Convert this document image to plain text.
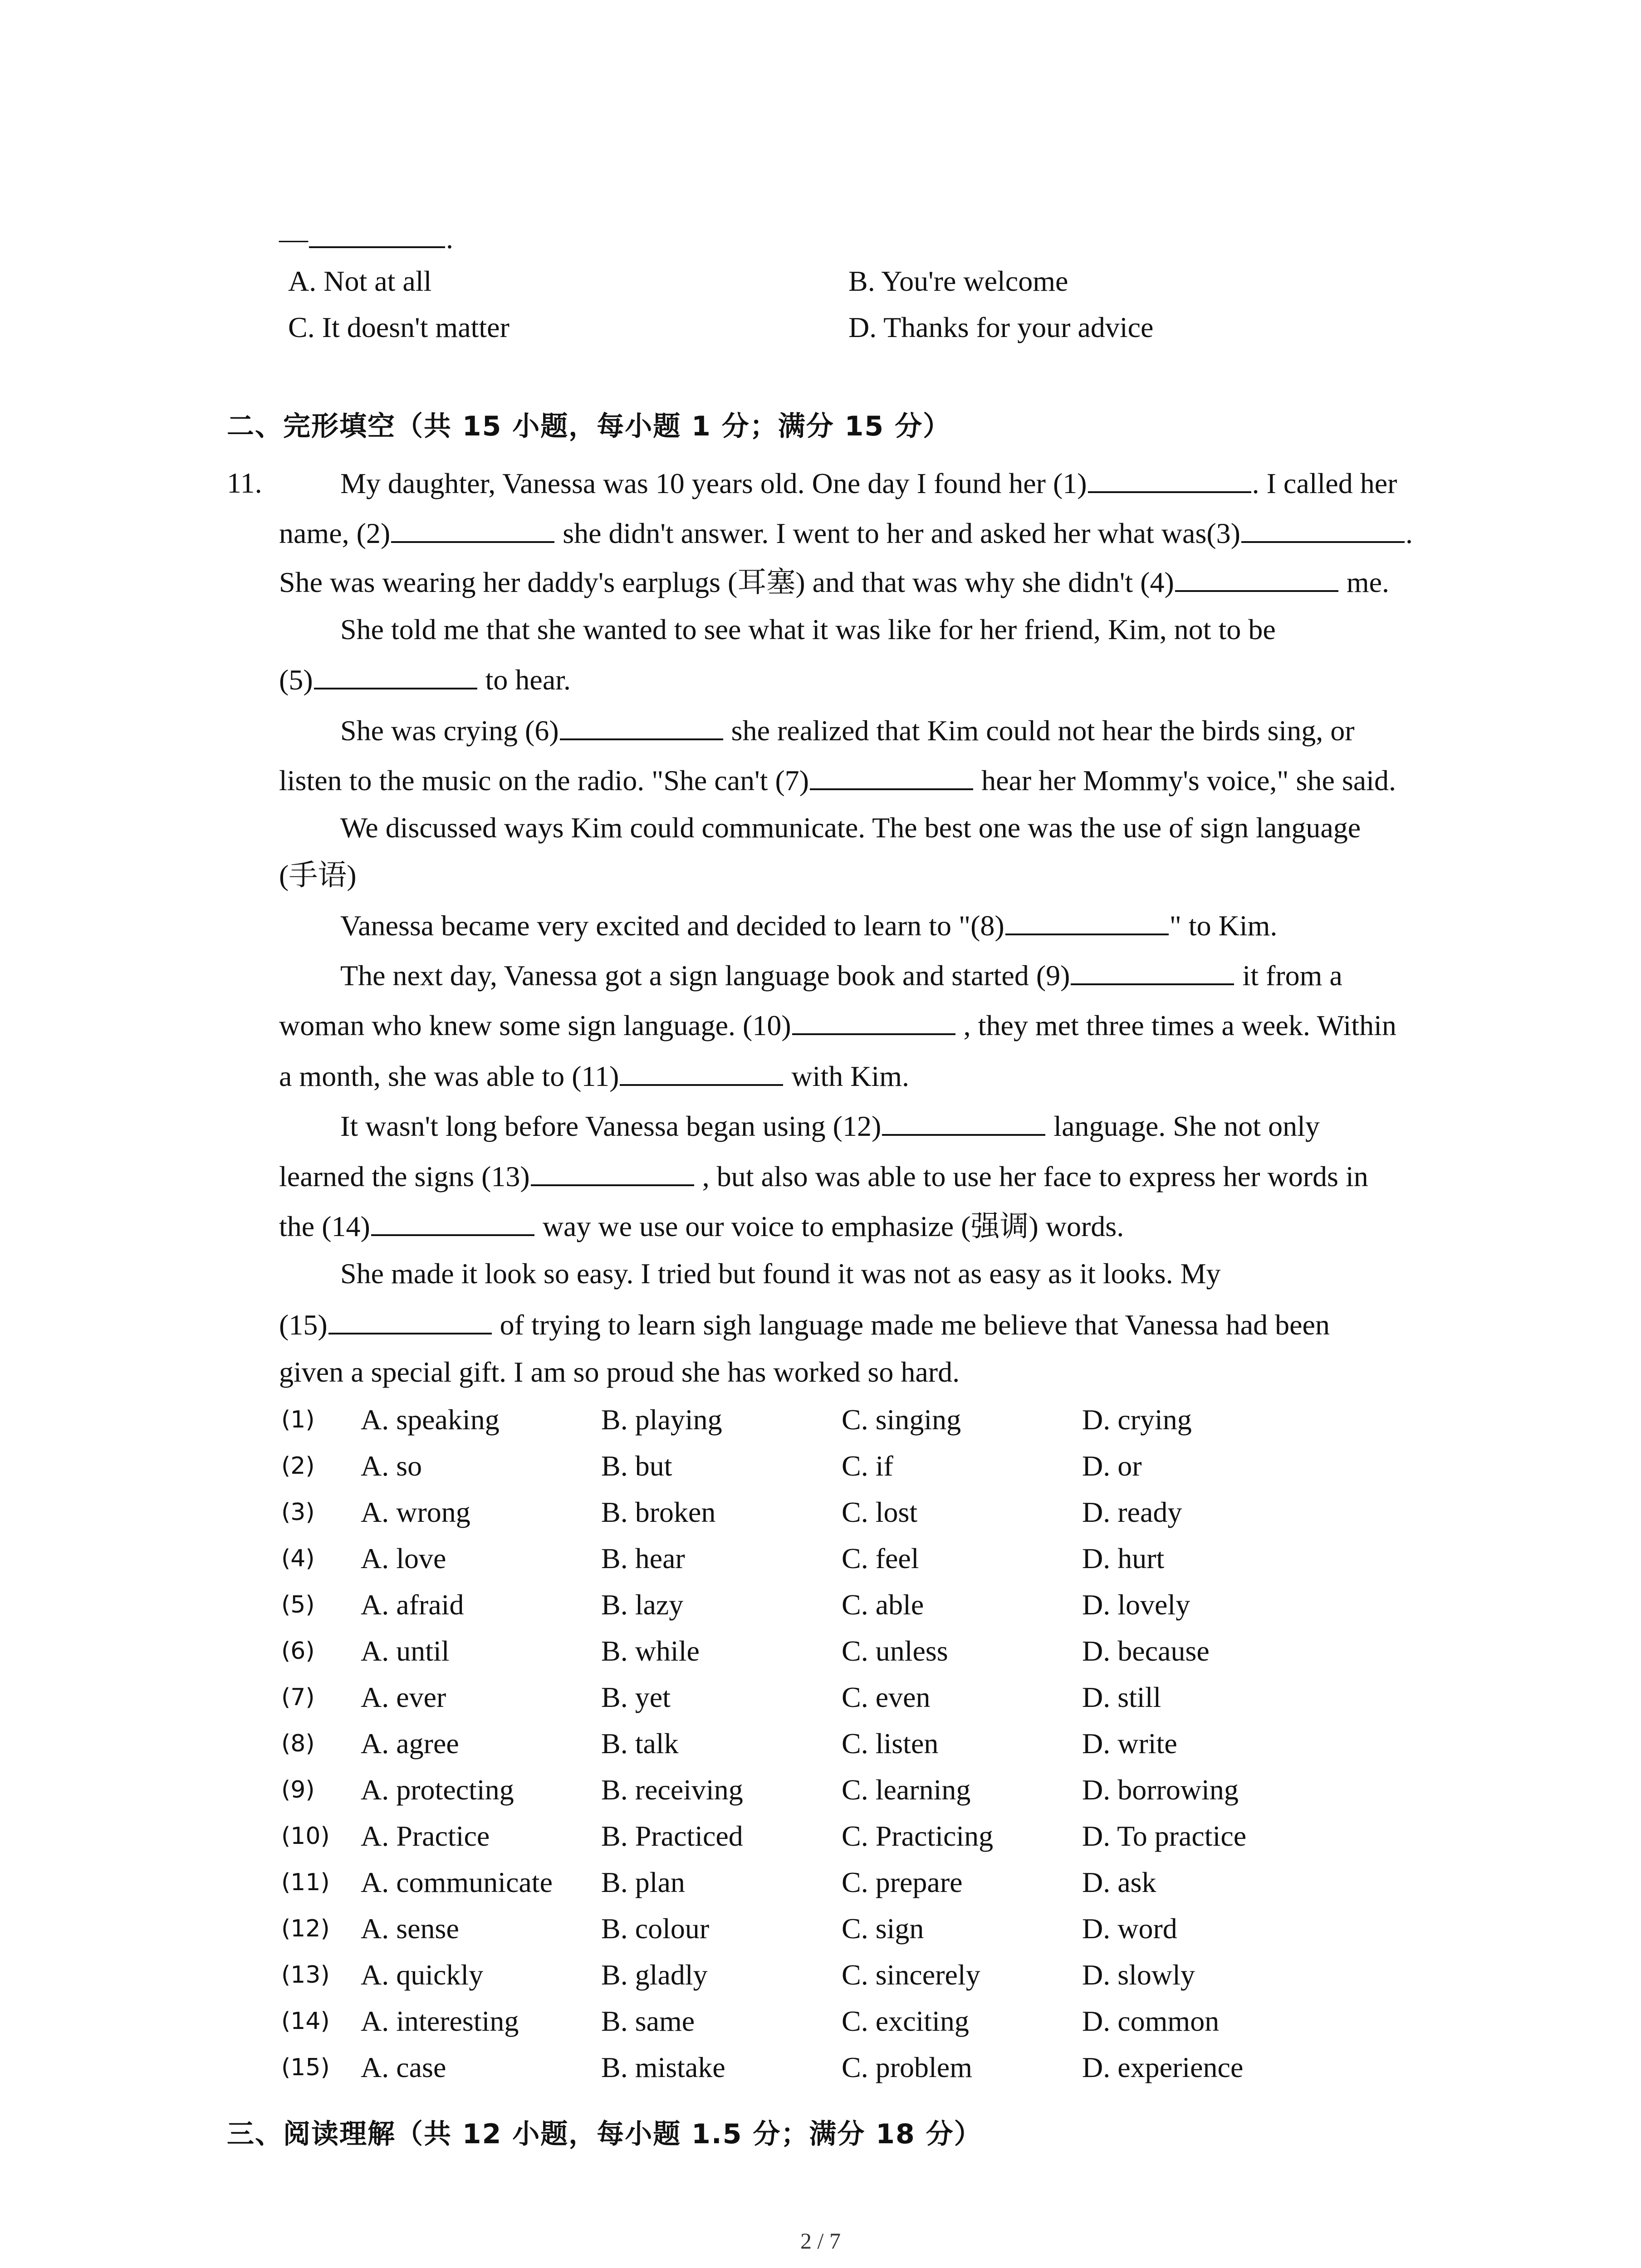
—	.
A. Not at all	B. You're welcome
C. It doesn't matter	D. Thanks for your advice
二、完形填空（共 15 小题，每小题 1 分；满分 15 分）
11.	My daughter, Vanessa was 10 years old. One day I found her (1)	. I called her
name, (2)	she didn't answer. I went to her and asked her what was(3)	.
She was wearing her daddy's earplugs (耳塞) and that was why she didn't (4)	me.
She told me that she wanted to see what it was like for her friend, Kim, not to be
(5)	to hear.
She was crying (6)	she realized that Kim could not hear the birds sing, or
listen to the music on the radio. "She can't (7)	hear her Mommy's voice," she said.
We discussed ways Kim could communicate. The best one was the use of sign language
(手语)
Vanessa became very excited and decided to learn to "(8)	" to Kim.
The next day, Vanessa got a sign language book and started (9)	it from a
woman who knew some sign language. (10)	, they met three times a week. Within
a month, she was able to (11)	with Kim.
It wasn't long before Vanessa began using (12)	language. She not only
learned the signs (13)	, but also was able to use her face to express her words in
the (14)	way we use our voice to emphasize (强调) words.
She made it look so easy. I tried but found it was not as easy as it looks. My
(15)	of trying to learn sigh language made me believe that Vanessa had been
given a special gift. I am so proud she has worked so hard.
(1) A. speaking	B. playing	C. singing	D. crying
(2) A. so	B. but	C. if	D. or
(3) A. wrong	B. broken	C. lost	D. ready
(4) A. love	B. hear	C. feel	D. hurt
(5) A. afraid	B. lazy	C. able	D. lovely
(6) A. until	B. while	C. unless	D. because
(7) A. ever	B. yet	C. even	D. still
(8) A. agree	B. talk	C. listen	D. write
(9) A. protecting	B. receiving	C. learning	D. borrowing
(10) A. Practice	B. Practiced	C. Practicing	D. To practice
(11) A. communicate B. plan	C. prepare	D. ask
(12) A. sense	B. colour	C. sign	D. word
(13) A. quickly	B. gladly	C. sincerely	D. slowly
(14) A. interesting	B. same	C. exciting	D. common
(15) A. case	B. mistake	C. problem	D. experience
三、阅读理解（共 12 小题，每小题 1.5 分；满分 18 分）
2 / 7
